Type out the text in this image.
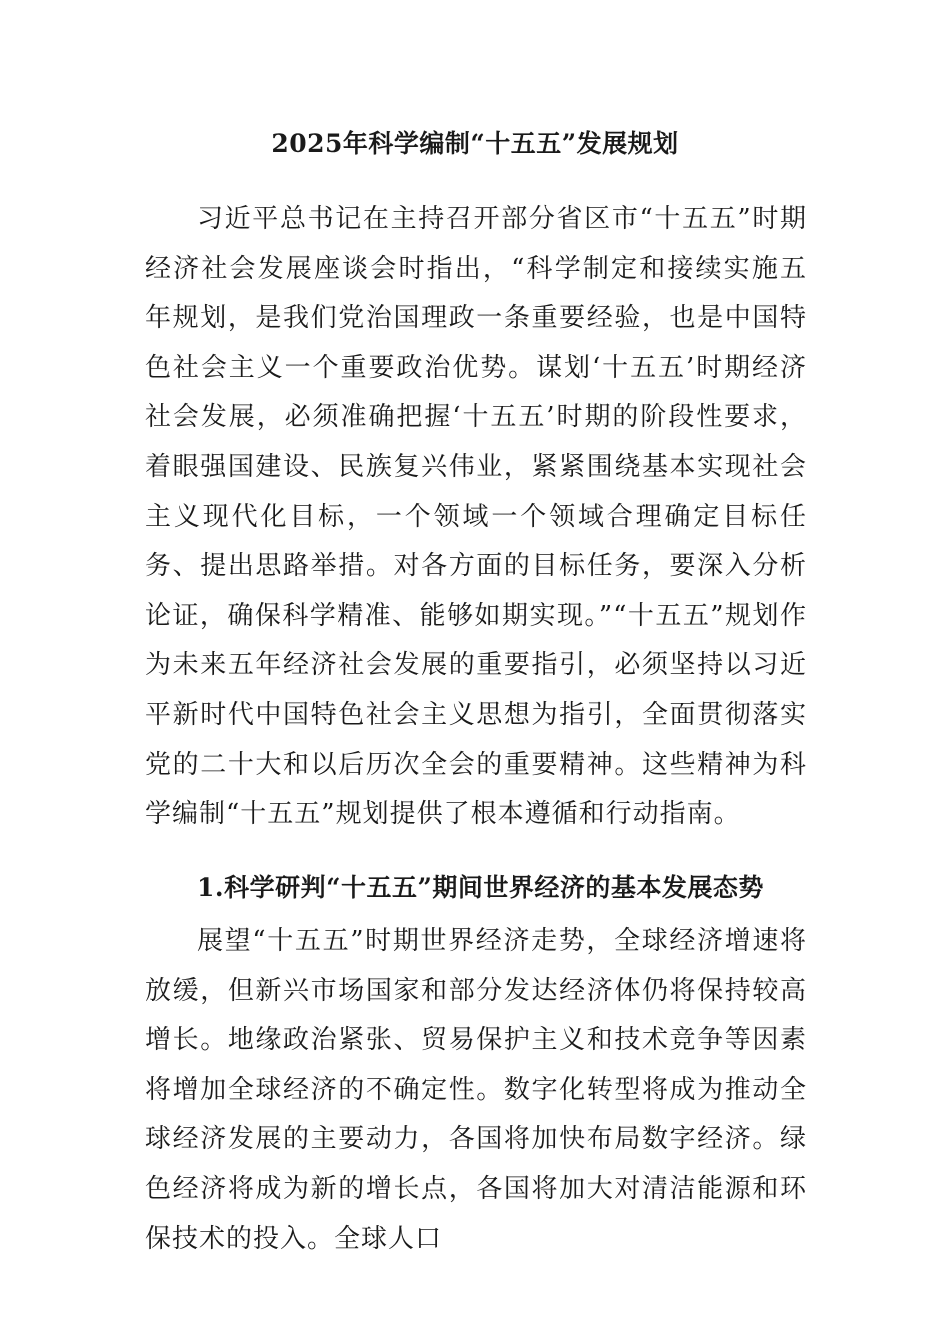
2025年科学编制“十五五”发展规划

习近平总书记在主持召开部分省区市“十五五”时期经济社会发展座谈会时指出，“科学制定和接续实施五年规划，是我们党治国理政一条重要经验，也是中国特色社会主义一个重要政治优势。谋划‘十五五’时期经济社会发展，必须准确把握‘十五五’时期的阶段性要求，着眼强国建设、民族复兴伟业，紧紧围绕基本实现社会主义现代化目标，一个领域一个领域合理确定目标任务、提出思路举措。对各方面的目标任务，要深入分析论证，确保科学精准、能够如期实现。”“十五五”规划作为未来五年经济社会发展的重要指引，必须坚持以习近平新时代中国特色社会主义思想为指引，全面贯彻落实党的二十大和以后历次全会的重要精神。这些精神为科学编制“十五五”规划提供了根本遵循和行动指南。

1.科学研判“十五五”期间世界经济的基本发展态势

展望“十五五”时期世界经济走势，全球经济增速将放缓，但新兴市场国家和部分发达经济体仍将保持较高增长。地缘政治紧张、贸易保护主义和技术竞争等因素将增加全球经济的不确定性。数字化转型将成为推动全球经济发展的主要动力，各国将加快布局数字经济。绿色经济将成为新的增长点，各国将加大对清洁能源和环保技术的投入。全球人口
